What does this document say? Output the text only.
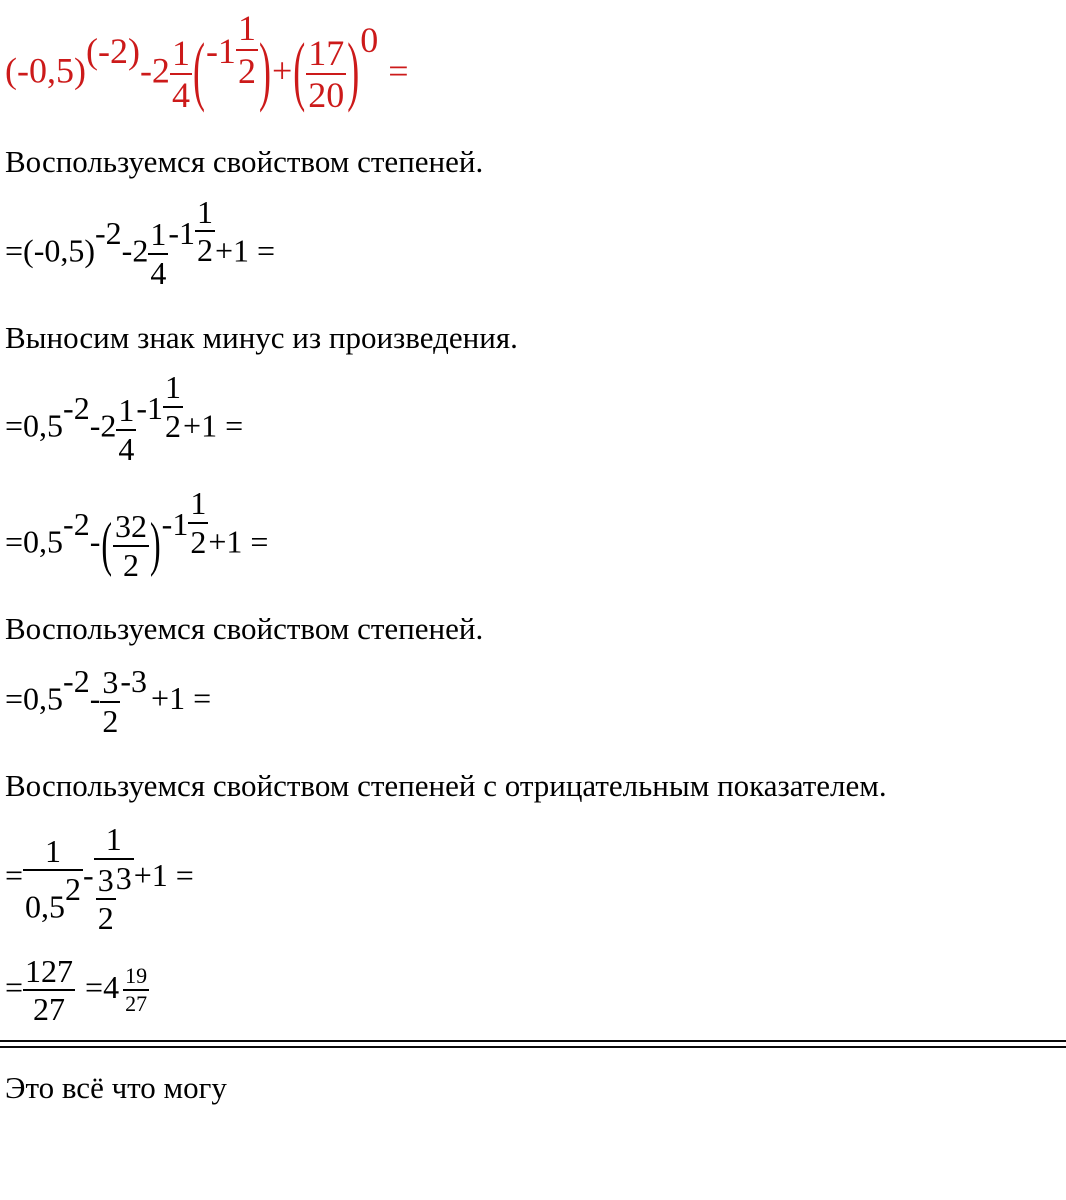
$(-0,5)(-2)-2 \frac{1}{4} (-1 \frac{1}{2}$ )+( $\frac{17}{20} )0=$
Воспользуемся свойством степеней.
$=(-0,5)-2-2 \frac{1}{4} -1 \frac{1}{2} +1$ =
Выносим знак минус из произведения.
$=0,5-2-2 \frac{1}{4} -1 \frac{1}{2} +1$ =
$=0,5-2-( \frac{32}{2} )-1 \frac{1}{2} +1$ =
Воспользуемся свойством степеней.
$=0,5-2- \frac{3}{2} -3 +1$ =
Воспользуемся свойством степеней с отрицательным показателем.
= $\frac{1}{0,52} - \frac{1}{\frac{3}{2} 3} +1$ =
= $\frac{127}{27} =4 \frac{19}{27}$
Это всё что могу
